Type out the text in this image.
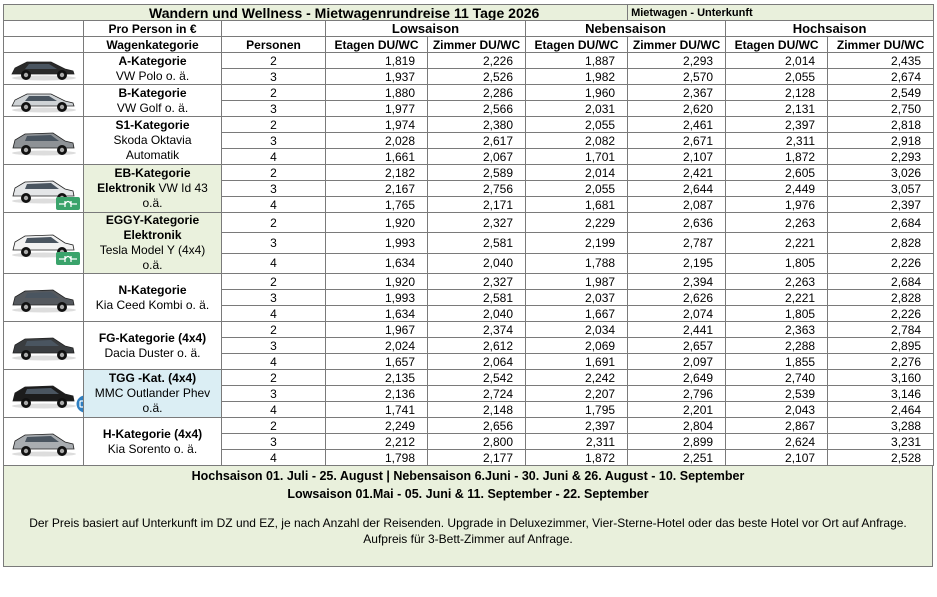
Wandern und Wellness - Mietwagenrundreise 11 Tage 2026						Mietwagen - Unterkunft		
	Pro Person in €		Lowsaison		Nebensaison		Hochsaison	
	Wagenkategorie	Personen	Etagen DU/WC	Zimmer DU/WC	Etagen DU/WC	Zimmer DU/WC	Etagen DU/WC	Zimmer DU/WC

A-Kategorie
VW Polo o. ä.	2	1,819	2,226	1,887	2,293	2,014	2,435
		3	1,937	2,526	1,982	2,570	2,055	2,674

B-Kategorie
VW Golf o. ä.	2	1,880	2,286	1,960	2,367	2,128	2,549
		3	1,977	2,566	2,031	2,620	2,131	2,750

S1-Kategorie
Skoda Oktavia
Automatik	2	1,974	2,380	2,055	2,461	2,397	2,818
		3	2,028	2,617	2,082	2,671	2,311	2,918
		4	1,661	2,067	1,701	2,107	1,872	2,293

EB-Kategorie
Elektronik VW Id 43
o.ä.	2	2,182	2,589	2,014	2,421	2,605	3,026
		3	2,167	2,756	2,055	2,644	2,449	3,057
		4	1,765	2,171	1,681	2,087	1,976	2,397

EGGY-Kategorie
Elektronik
Tesla Model Y (4x4)
o.ä.	2	1,920	2,327	2,229	2,636	2,263	2,684
		3	1,993	2,581	2,199	2,787	2,221	2,828
		4	1,634	2,040	1,788	2,195	1,805	2,226

N-Kategorie
Kia Ceed Kombi o. ä.	2	1,920	2,327	1,987	2,394	2,263	2,684
		3	1,993	2,581	2,037	2,626	2,221	2,828
		4	1,634	2,040	1,667	2,074	1,805	2,226

FG-Kategorie (4x4)
Dacia Duster o. ä.	2	1,967	2,374	2,034	2,441	2,363	2,784
		3	2,024	2,612	2,069	2,657	2,288	2,895
		4	1,657	2,064	1,691	2,097	1,855	2,276

TGG -Kat. (4x4)
MMC Outlander Phev
o.ä.	2	2,135	2,542	2,242	2,649	2,740	3,160
		3	2,136	2,724	2,207	2,796	2,539	3,146
		4	1,741	2,148	1,795	2,201	2,043	2,464

H-Kategorie (4x4)
Kia Sorento o. ä.	2	2,249	2,656	2,397	2,804	2,867	3,288
		3	2,212	2,800	2,311	2,899	2,624	3,231
		4	1,798	2,177	1,872	2,251	2,107	2,528
Hochsaison 01. Juli - 25. August | Nebensaison 6.Juni - 30. Juni & 26. August - 10. September
Lowsaison 01.Mai - 05. Juni & 11. September - 22. September
Der Preis basiert auf Unterkunft im DZ und EZ, je nach Anzahl der Reisenden. Upgrade in Deluxezimmer, Vier-Sterne-Hotel oder das beste Hotel vor Ort auf Anfrage. Aufpreis für 3-Bett-Zimmer auf Anfrage.
